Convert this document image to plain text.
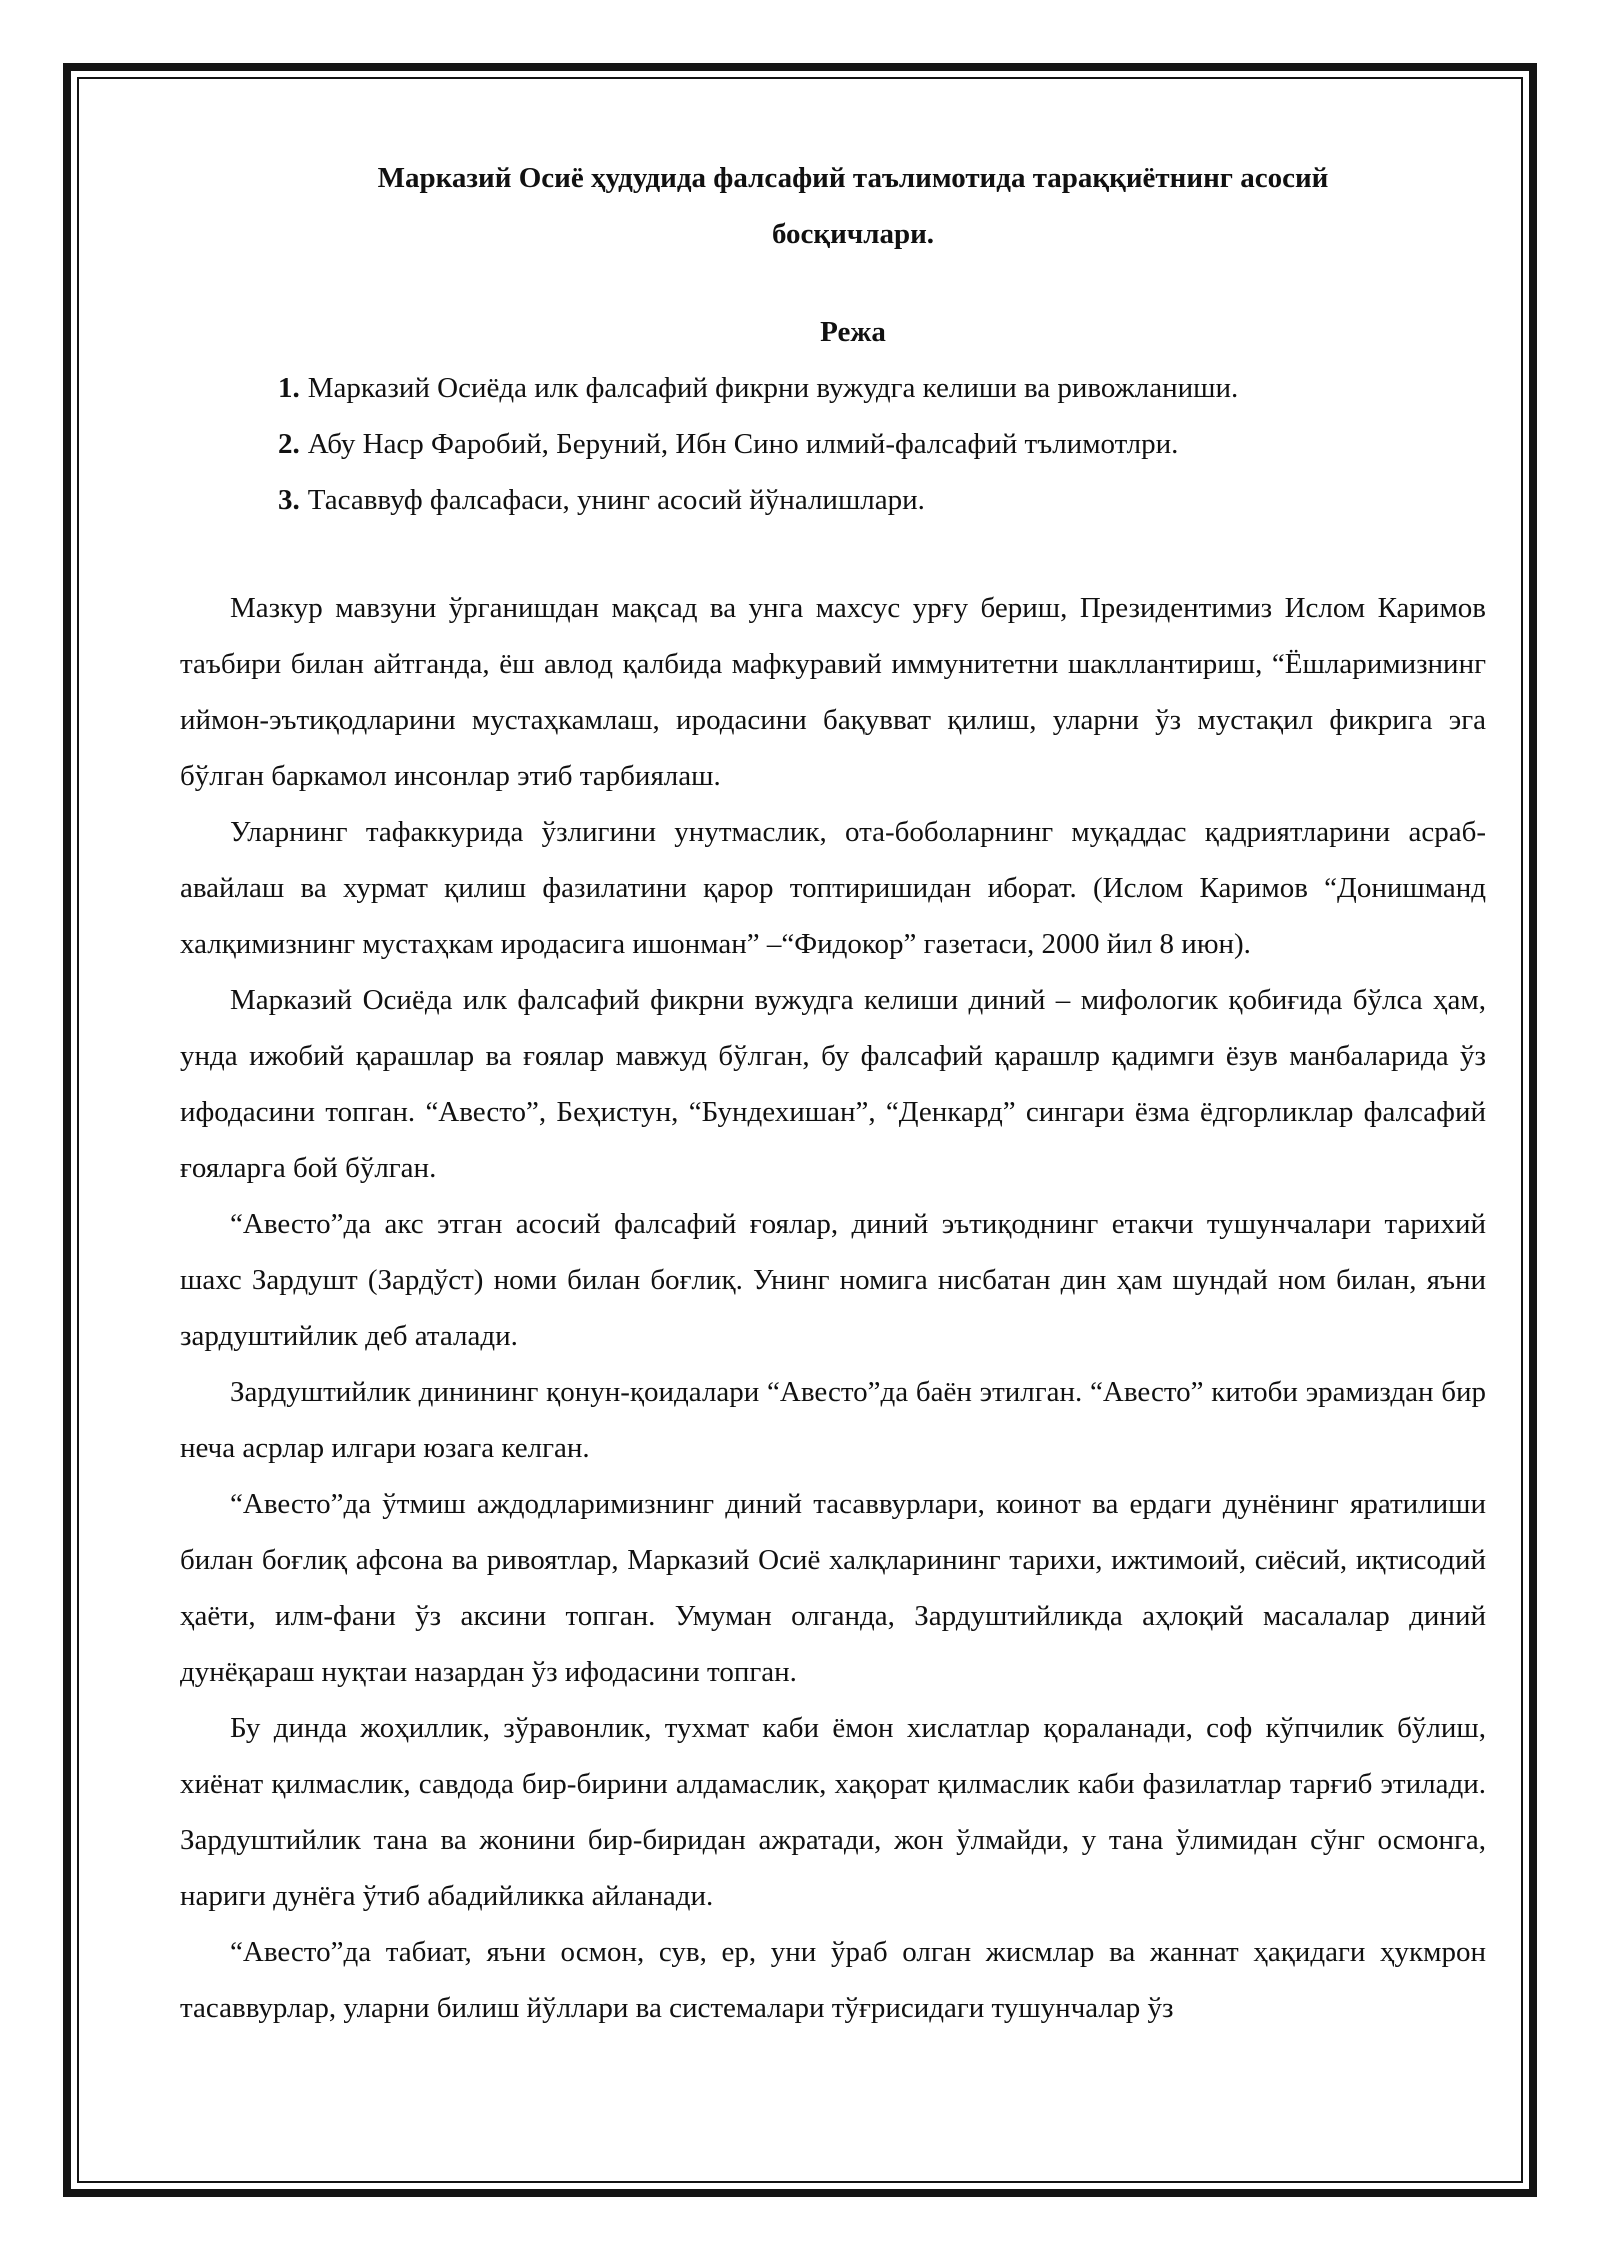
Марказий Осиё ҳудудида фалсафий таълимотида тараққиётнинг асосий
босқичлари.
Режа
1. Марказий Осиёда илк фалсафий фикрни вужудга келиши ва ривожланиши.
2. Абу Наср Фаробий, Беруний, Ибн Сино илмий-фалсафий тълимотлри.
3. Тасаввуф фалсафаси, унинг асосий йўналишлари.

Мазкур мавзуни ўрганишдан мақсад ва унга махсус урғу бериш, Президентимиз Ислом Каримов таъбири билан айтганда, ёш авлод қалбида мафкуравий иммунитетни шакллантириш, “Ёшларимизнинг иймон-эътиқодларини мустаҳкамлаш, иродасини бақувват қилиш, уларни ўз мустақил фикрига эга бўлган баркамол инсонлар этиб тарбиялаш.

Уларнинг тафаккурида ўзлигини унутмаслик, ота-боболарнинг муқаддас қадриятларини асраб-авайлаш ва хурмат қилиш фазилатини қарор топтиришидан иборат. (Ислом Каримов “Донишманд халқимизнинг мустаҳкам иродасига ишонман” –“Фидокор” газетаси, 2000 йил 8 июн).

Марказий Осиёда илк фалсафий фикрни вужудга келиши диний – мифологик қобиғида бўлса ҳам, унда ижобий қарашлар ва ғоялар мавжуд бўлган, бу фалсафий қарашлр қадимги ёзув манбаларида ўз ифодасини топган. “Авесто”, Беҳистун, “Бундехишан”, “Денкард” сингари ёзма ёдгорликлар фалсафий ғояларга бой бўлган.

“Авесто”да акс этган асосий фалсафий ғоялар, диний эътиқоднинг етакчи тушунчалари тарихий шахс Зардушт (Зардўст) номи билан боғлиқ. Унинг номига нисбатан дин ҳам шундай ном билан, яъни зардуштийлик деб аталади.

Зардуштийлик динининг қонун-қоидалари “Авесто”да баён этилган. “Авесто” китоби эрамиздан бир неча асрлар илгари юзага келган.

“Авесто”да ўтмиш аждодларимизнинг диний тасаввурлари, коинот ва ердаги дунёнинг яратилиши билан боғлиқ афсона ва ривоятлар, Марказий Осиё халқларининг тарихи, ижтимоий, сиёсий, иқтисодий ҳаёти, илм-фани ўз аксини топган. Умуман олганда, Зардуштийликда аҳлоқий масалалар диний дунёқараш нуқтаи назардан ўз ифодасини топган.

Бу динда жоҳиллик, зўравонлик, тухмат каби ёмон хислатлар қораланади, соф кўпчилик бўлиш, хиёнат қилмаслик, савдода бир-бирини алдамаслик, хақорат қилмаслик каби фазилатлар тарғиб этилади. Зардуштийлик тана ва жонини бир-биридан ажратади, жон ўлмайди, у тана ўлимидан сўнг осмонга, нариги дунёга ўтиб абадийликка айланади.

“Авесто”да табиат, яъни осмон, сув, ер, уни ўраб олган жисмлар ва жаннат ҳақидаги ҳукмрон тасаввурлар, уларни билиш йўллари ва системалари тўғрисидаги тушунчалар ўз
